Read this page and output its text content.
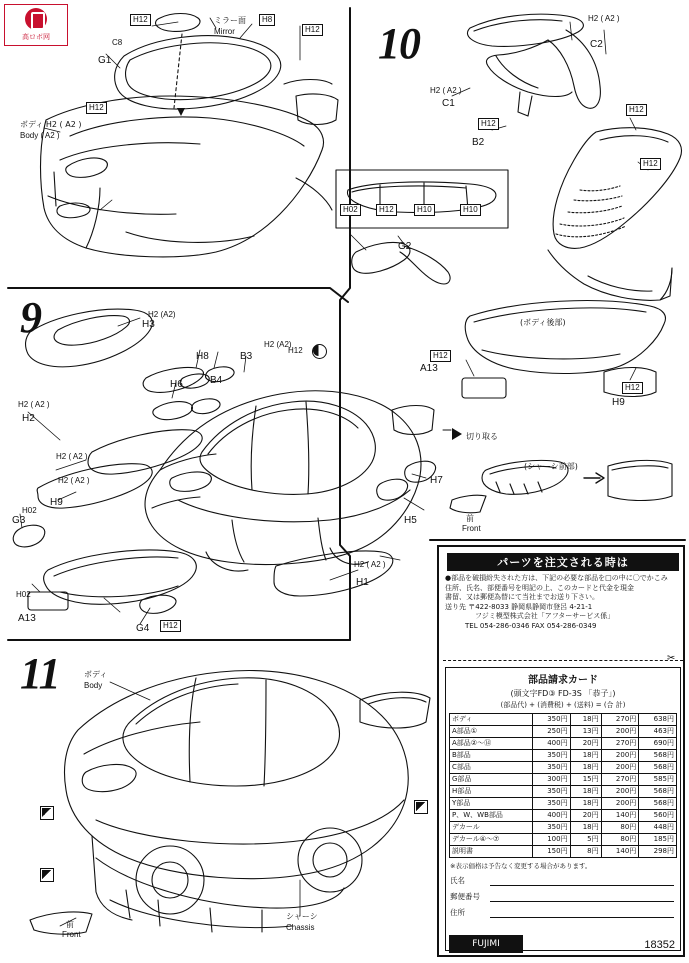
高ロボ网	10
9
11
H12	ミラー面
Mirror
H8
H12
C8
G1
ボディ H2 ( A2 )
Body ( A2 )
H12
H2 ( A2 )
C2
H2 ( A2 )
C1
H12
B2
H12
H12
H02	H12	H10	H10
G2
(ボディ後部)
H12
A13
H12
H9
切り取る
(シャーシ前部)
前
Front
H2 (A2)
H3
H2 (A2)
H8	B3
H12
H6	B4
H2 ( A2 )
H2
H2 ( A2 )
H2 ( A2 )
H02
H9
G3
H7
H5
H2 ( A2 )
H1
H02
A13
G4	H12
ボディ
Body
シャーシ
Chassis
前
Front
パーツを注文される時は
●部品を破損紛失された方は、下記の必要な部品を□の中に〇でかこみ
住所、氏名、部便番号を明記の上、このカードと代金を現金
書留、又は郵便為替にて当社までお送り下さい。
送り先 〒422-8033 静岡県静岡市登呂 4-21-1
フジミ模型株式会社「アフターサービス係」
TEL 054-286-0346 FAX 054-286-0349
✂
部品請求カード
(頭文字FD③ FD-3S 「恭子」)
(部品代) + (消費税) + (送料) = (合 計)
ボディ	350円	18円	270円	638円
A部品①	250円	13円	200円	463円
A部品②〜⑭	400円	20円	270円	690円
B部品	350円	18円	200円	568円
C部品	350円	18円	200円	568円
G部品	300円	15円	270円	585円
H部品	350円	18円	200円	568円
Y部品	350円	18円	200円	568円
P、W、WB部品	400円	20円	140円	560円
デカール	350円	18円	80円	448円
デカール④〜⑦	100円	5円	80円	185円
説明書	150円	8円	140円	298円
※表示価格は予告なく変更する場合があります。
氏名
郵便番号
住所
FUJIMI	18352
